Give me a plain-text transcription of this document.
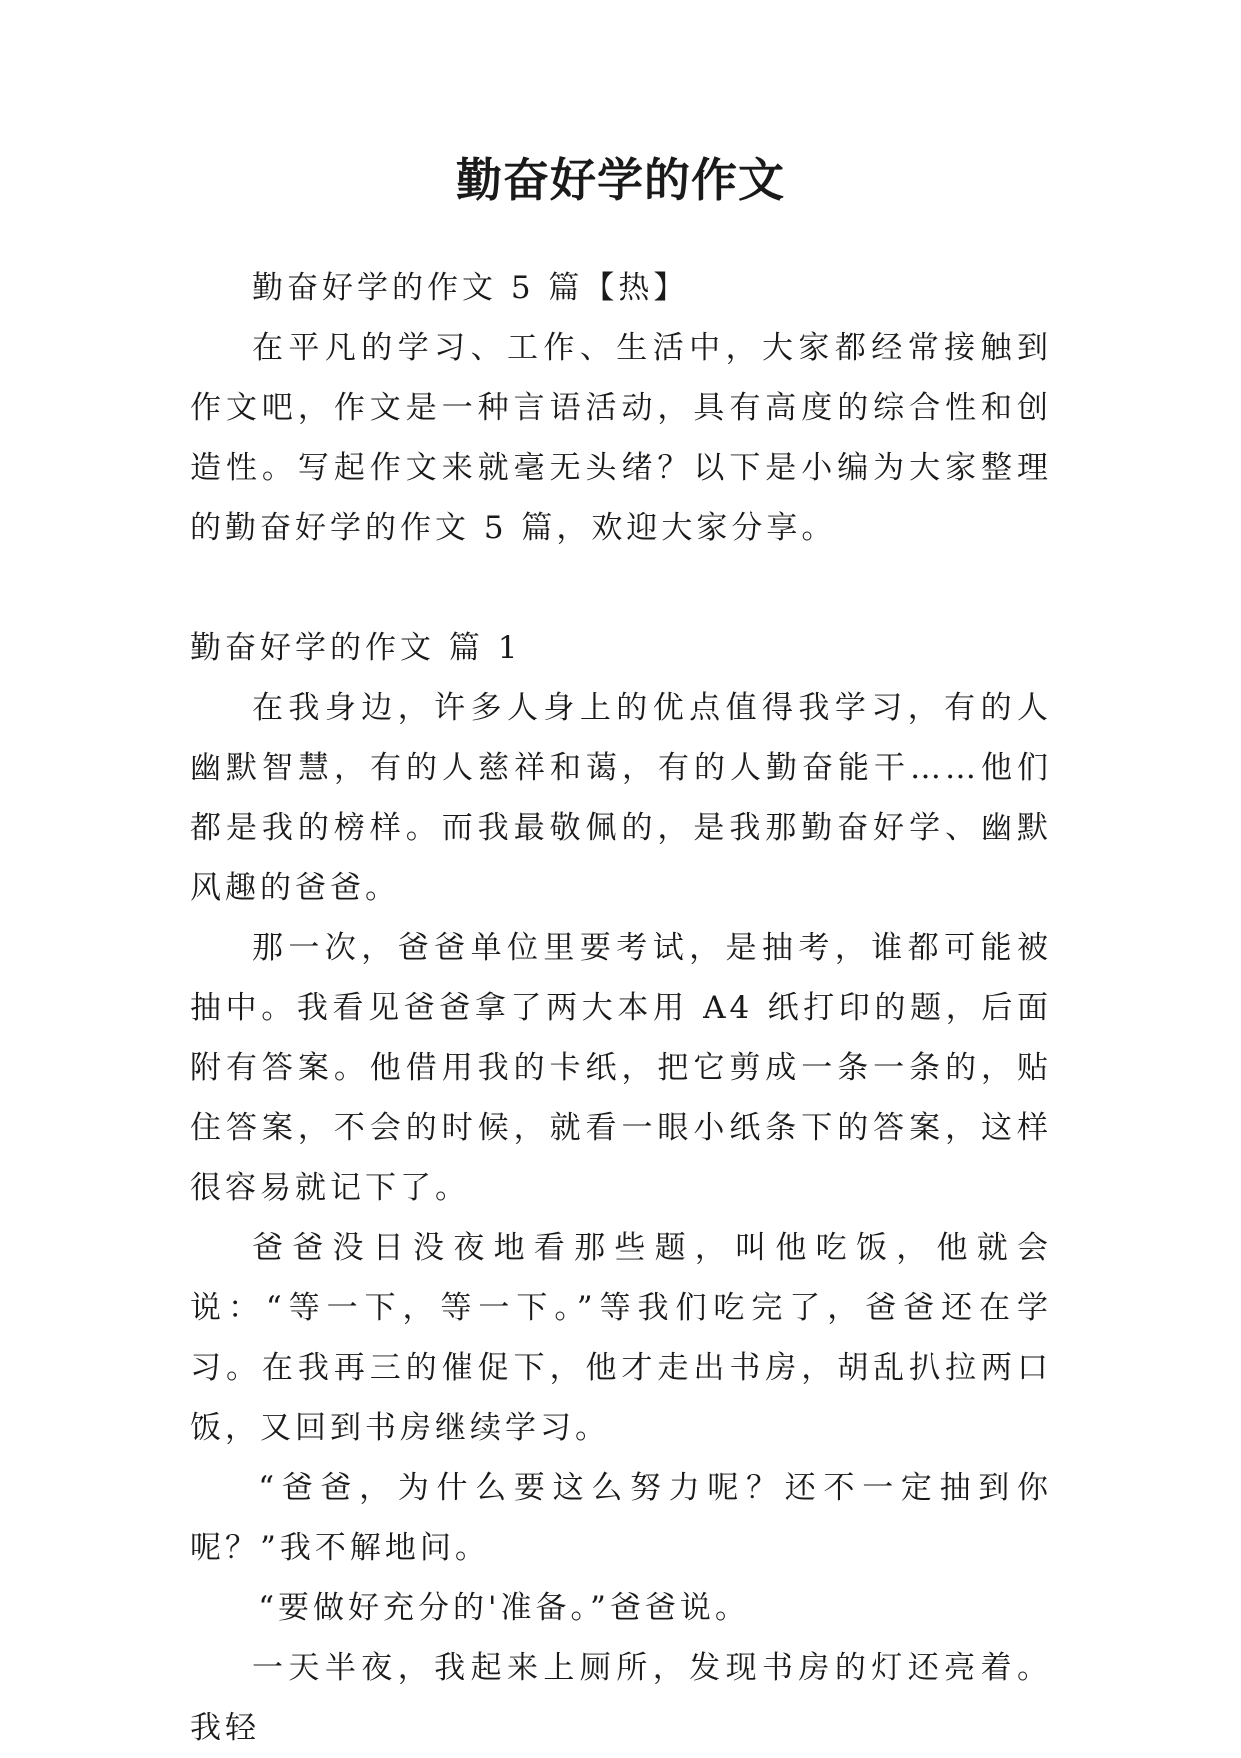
勤奋好学的作文

勤奋好学的作文 5 篇【热】

在平凡的学习、工作、生活中，大家都经常接触到作文吧，作文是一种言语活动，具有高度的综合性和创造性。写起作文来就毫无头绪？以下是小编为大家整理的勤奋好学的作文 5 篇，欢迎大家分享。

勤奋好学的作文 篇 1

在我身边，许多人身上的优点值得我学习，有的人幽默智慧，有的人慈祥和蔼，有的人勤奋能干……他们都是我的榜样。而我最敬佩的，是我那勤奋好学、幽默风趣的爸爸。

那一次，爸爸单位里要考试，是抽考，谁都可能被抽中。我看见爸爸拿了两大本用 A4 纸打印的题，后面附有答案。他借用我的卡纸，把它剪成一条一条的，贴住答案，不会的时候，就看一眼小纸条下的答案，这样很容易就记下了。

爸爸没日没夜地看那些题，叫他吃饭，他就会说：“等一下，等一下。”等我们吃完了，爸爸还在学习。在我再三的催促下，他才走出书房，胡乱扒拉两口饭，又回到书房继续学习。

“爸爸，为什么要这么努力呢？还不一定抽到你呢？”我不解地问。

“要做好充分的'准备。”爸爸说。

一天半夜，我起来上厕所，发现书房的灯还亮着。我轻
